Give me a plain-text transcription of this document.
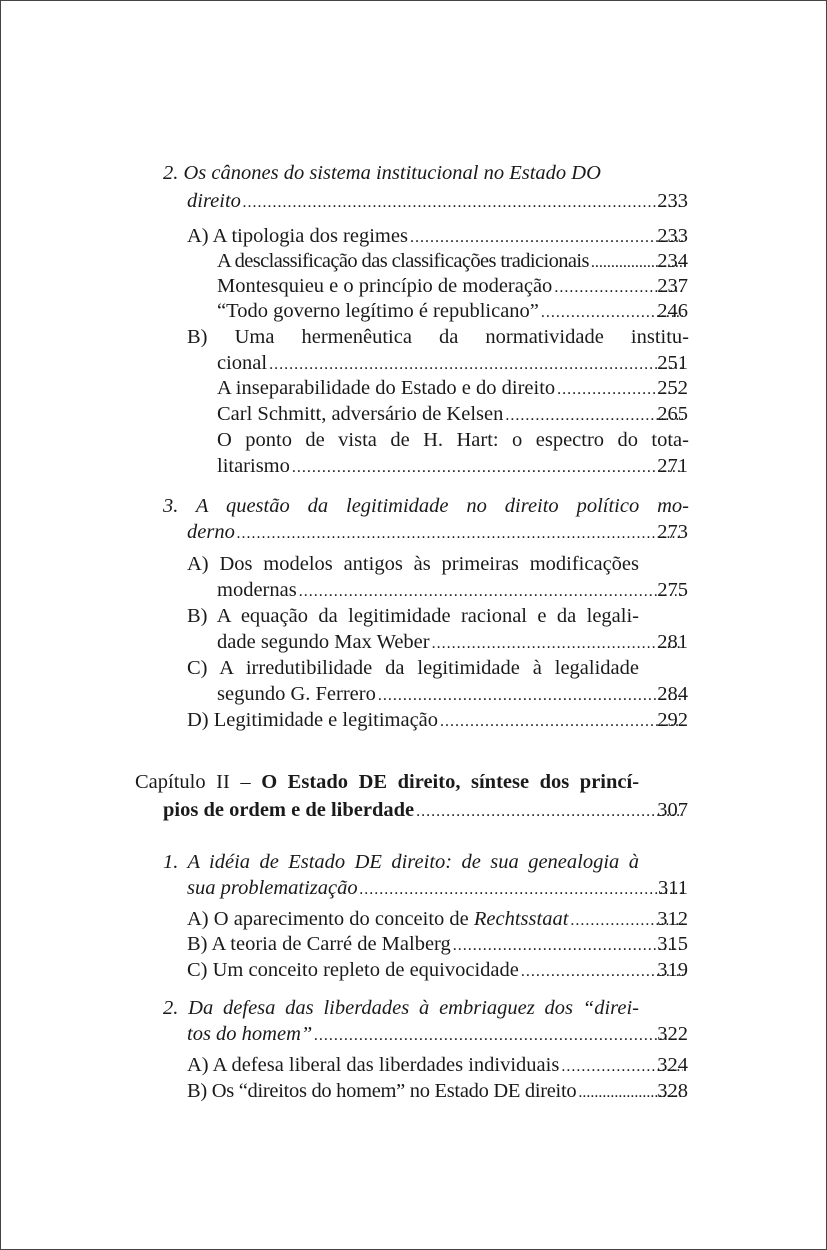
2. Os cânones do sistema institucional no Estado DO
direito .....	233
A) A tipologia dos regimes .....	233
A desclassificação das classificações tradicionais . .....	234
Montesquieu e o princípio de moderação .....	237
“Todo governo legítimo é republicano” .....	246
B) Uma hermenêutica da normatividade institu-
cional .....	251
A inseparabilidade do Estado e do direito .....	252
Carl Schmitt, adversário de Kelsen .....	265
O ponto de vista de H. Hart: o espectro do tota-
litarismo .....	271
3. A questão da legitimidade no direito político mo-
derno .....	273
A) Dos modelos antigos às primeiras modificações
modernas .....	275
B) A equação da legitimidade racional e da legali-
dade segundo Max Weber .....	281
C) A irredutibilidade da legitimidade à legalidade
segundo G. Ferrero .....	284
D) Legitimidade e legitimação .....	292
Capítulo II – O Estado DE direito, síntese dos princí-
pios de ordem e de liberdade .....	307
1. A idéia de Estado DE direito: de sua genealogia à
sua problematização .....	311
A) O aparecimento do conceito de Rechtsstaat .....	312
B) A teoria de Carré de Malberg .....	315
C) Um conceito repleto de equivocidade .....	319
2. Da defesa das liberdades à embriaguez dos “direi-
tos do homem” .....	322
A) A defesa liberal das liberdades individuais .....	324
B) Os “direitos do homem” no Estado DE direito ... .....	328
